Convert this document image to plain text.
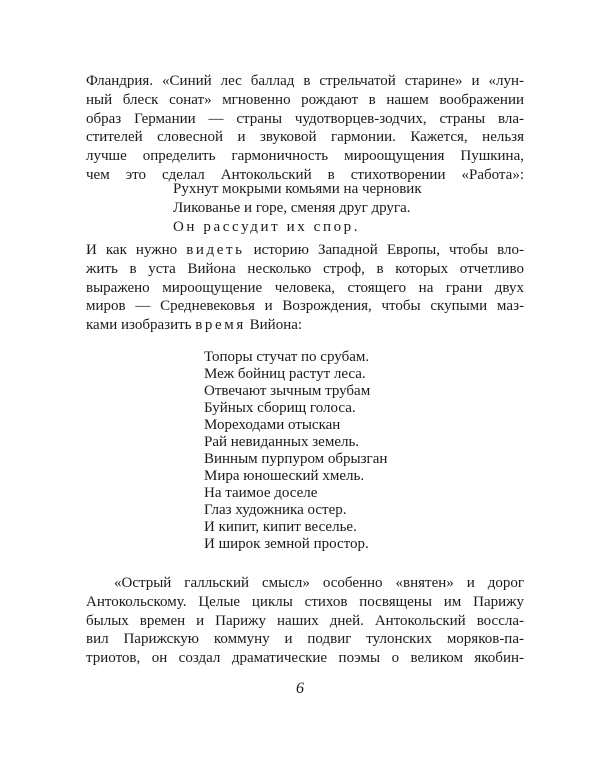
Фландрия. «Синий лес баллад в стрельчатой старине» и «лун-
ный блеск сонат» мгновенно рождают в нашем воображении
образ Германии — страны чудотворцев-зодчих, страны вла-
стителей словесной и звуковой гармонии. Кажется, нельзя
лучше определить гармоничность мироощущения Пушкина,
чем это сделал Антокольский в стихотворении «Работа»:
Рухнут мокрыми комьями на черновик
Ликованье и горе, сменяя друг друга.
Он рассудит их спор.
И как нужно видеть историю Западной Европы, чтобы вло-
жить в уста Вийона несколько строф, в которых отчетливо
выражено мироощущение человека, стоящего на грани двух
миров — Средневековья и Возрождения, чтобы скупыми мaз-
ками изобразить время Вийона:
Топоры стучат по срубам.
Меж бойниц растут леса.
Отвечают зычным трубам
Буйных сборищ голоса.
Мореходами отыскан
Рай невиданных земель.
Винным пурпуром обрызган
Мира юношеский хмель.
На таимое доселе
Глаз художника остер.
И кипит, кипит веселье.
И широк земной простор.
«Острый галльский смысл» особенно «внятен» и дорог
Антокольскому. Целые циклы стихов посвящены им Парижу
былых времен и Парижу наших дней. Антокольский воссла-
вил Парижскую коммуну и подвиг тулонских моряков-па-
триотов, он создал драматические поэмы о великом якобин-
6
